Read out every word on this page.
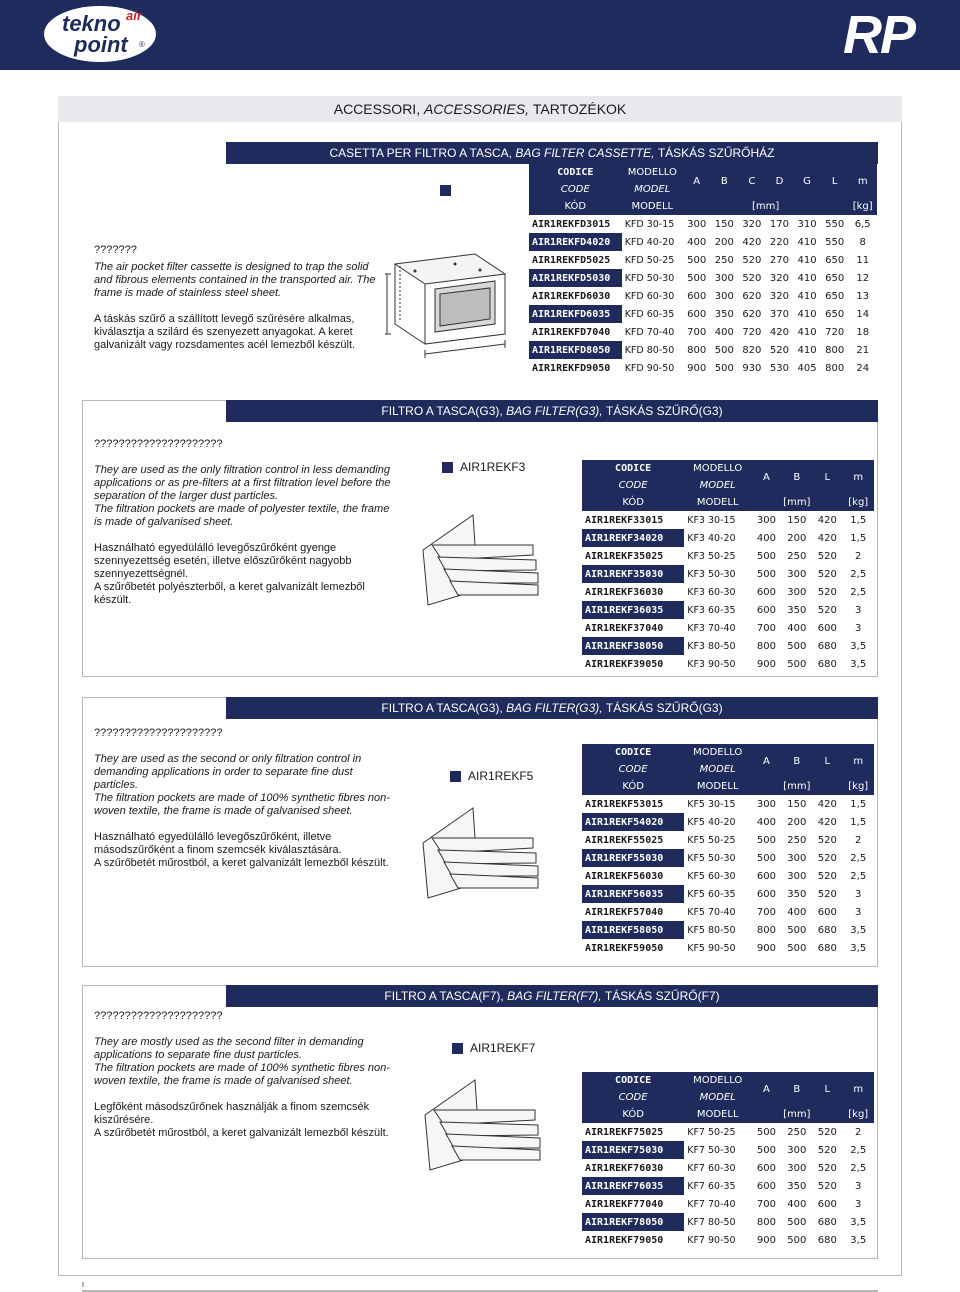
tekno
point
air
®	RP
ACCESSORI, ACCESSORIES, TARTOZÉKOK
CASETTA PER FILTRO A TASCA, BAG FILTER CASSETTE, TÁSKÁS SZŰRŐHÁZ
???????
The air pocket filter cassette is designed to trap the solid and fibrous elements contained in the transported air. The frame is made of stainless steel sheet.
A táskás szűrő a szállított levegő szűrésére alkalmas, kiválasztja a szilárd és szenyezett anyagokat. A keret galvanizált vagy rozsdamentes acél lemezből készült.
CODICE	MODELLO	A	B	C	D	G	L	m
CODE	MODEL							
KÓD	MODELL	[mm]						[kg]
AIR1REKFD3015	KFD 30-15	300	150	320	170	310	550	6,5
AIR1REKFD4020	KFD 40-20	400	200	420	220	410	550	8
AIR1REKFD5025	KFD 50-25	500	250	520	270	410	650	11
AIR1REKFD5030	KFD 50-30	500	300	520	320	410	650	12
AIR1REKFD6030	KFD 60-30	600	300	620	320	410	650	13
AIR1REKFD6035	KFD 60-35	600	350	620	370	410	650	14
AIR1REKFD7040	KFD 70-40	700	400	720	420	410	720	18
AIR1REKFD8050	KFD 80-50	800	500	820	520	410	800	21
AIR1REKFD9050	KFD 90-50	900	500	930	530	405	800	24
FILTRO A TASCA(G3), BAG FILTER(G3), TÁSKÁS SZŰRŐ(G3)
?????????????????????
They are used as the only filtration control in less demanding applications or as pre-filters at a first filtration level before the separation of the larger dust particles.
The filtration pockets are made of polyester textile, the frame is made of galvanised sheet.
Használható egyedülálló levegőszűrőként gyenge szennyezettség esetén, illetve előszűrőként nagyobb szennyezettségnél.
A szűrőbetét polyészterből, a keret galvanizált lemezből készült.
AIR1REKF3	CODICE	MODELLO	A	B	L	m
CODE	MODEL				
KÓD	MODELL	[mm]			[kg]
AIR1REKF33015	KF3 30-15	300	150	420	1,5
AIR1REKF34020	KF3 40-20	400	200	420	1,5
AIR1REKF35025	KF3 50-25	500	250	520	2
AIR1REKF35030	KF3 50-30	500	300	520	2,5
AIR1REKF36030	KF3 60-30	600	300	520	2,5
AIR1REKF36035	KF3 60-35	600	350	520	3
AIR1REKF37040	KF3 70-40	700	400	600	3
AIR1REKF38050	KF3 80-50	800	500	680	3,5
AIR1REKF39050	KF3 90-50	900	500	680	3,5
FILTRO A TASCA(G3), BAG FILTER(G3), TÁSKÁS SZŰRŐ(G3)
?????????????????????
They are used as the second or only filtration control in demanding applications in order to separate fine dust particles.
The filtration pockets are made of 100% synthetic fibres non-woven textile, the frame is made of galvanised sheet.
Használható egyedülálló levegőszűrőként, illetve másodszűrőként a finom szemcsék kiválasztására.
A szűrőbetét műrostból, a keret galvanizált lemezből készült.
AIR1REKF5
CODICE	MODELLO	A	B	L	m
CODE	MODEL				
KÓD	MODELL	[mm]			[kg]
AIR1REKF53015	KF5 30-15	300	150	420	1,5
AIR1REKF54020	KF5 40-20	400	200	420	1,5
AIR1REKF55025	KF5 50-25	500	250	520	2
AIR1REKF55030	KF5 50-30	500	300	520	2,5
AIR1REKF56030	KF5 60-30	600	300	520	2,5
AIR1REKF56035	KF5 60-35	600	350	520	3
AIR1REKF57040	KF5 70-40	700	400	600	3
AIR1REKF58050	KF5 80-50	800	500	680	3,5
AIR1REKF59050	KF5 90-50	900	500	680	3,5
FILTRO A TASCA(F7), BAG FILTER(F7), TÁSKÁS SZŰRŐ(F7)
?????????????????????
They are mostly used as the second filter in demanding applications to separate fine dust particles.
The filtration pockets are made of 100% synthetic fibres non-woven textile, the frame is made of galvanised sheet.
Legfőként másodszűrőnek használják a finom szemcsék kiszűrésére.
A szűrőbetét műrostból, a keret galvanizált lemezből készült.
AIR1REKF7
CODICE	MODELLO	A	B	L	m
CODE	MODEL				
KÓD	MODELL	[mm]			[kg]
AIR1REKF75025	KF7 50-25	500	250	520	2
AIR1REKF75030	KF7 50-30	500	300	520	2,5
AIR1REKF76030	KF7 60-30	600	300	520	2,5
AIR1REKF76035	KF7 60-35	600	350	520	3
AIR1REKF77040	KF7 70-40	700	400	600	3
AIR1REKF78050	KF7 80-50	800	500	680	3,5
AIR1REKF79050	KF7 90-50	900	500	680	3,5
